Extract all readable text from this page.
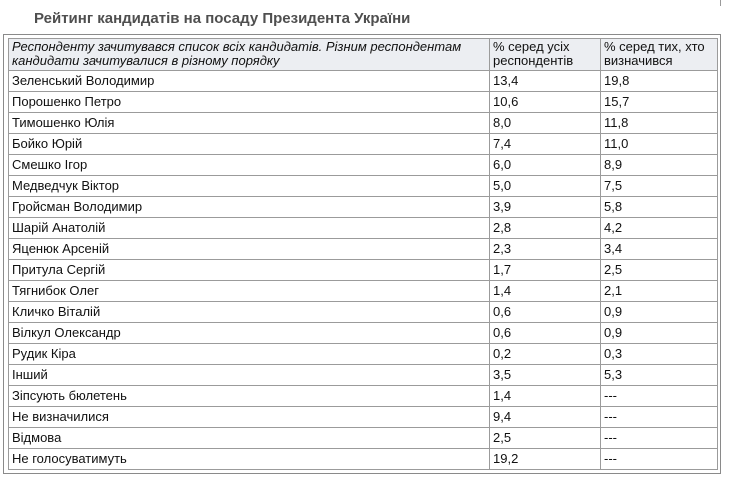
Рейтинг кандидатів на посаду Президента України
Респонденту зачитувався список всіх кандидатів. Різним респондентам кандидати зачитувалися в різному порядку	% серед усіх респондентів	% серед тих, хто визначився
Зеленський Володимир	13,4	19,8
Порошенко Петро	10,6	15,7
Тимошенко Юлія	8,0	11,8
Бойко Юрій	7,4	11,0
Смешко Ігор	6,0	8,9
Медведчук Віктор	5,0	7,5
Гройсман Володимир	3,9	5,8
Шарій Анатолій	2,8	4,2
Яценюк Арсеній	2,3	3,4
Притула Сергій	1,7	2,5
Тягнибок Олег	1,4	2,1
Кличко Віталій	0,6	0,9
Вілкул Олександр	0,6	0,9
Рудик Кіра	0,2	0,3
Інший	3,5	5,3
Зіпсують бюлетень	1,4	---
Не визначилися	9,4	---
Відмова	2,5	---
Не голосуватимуть	19,2	---
